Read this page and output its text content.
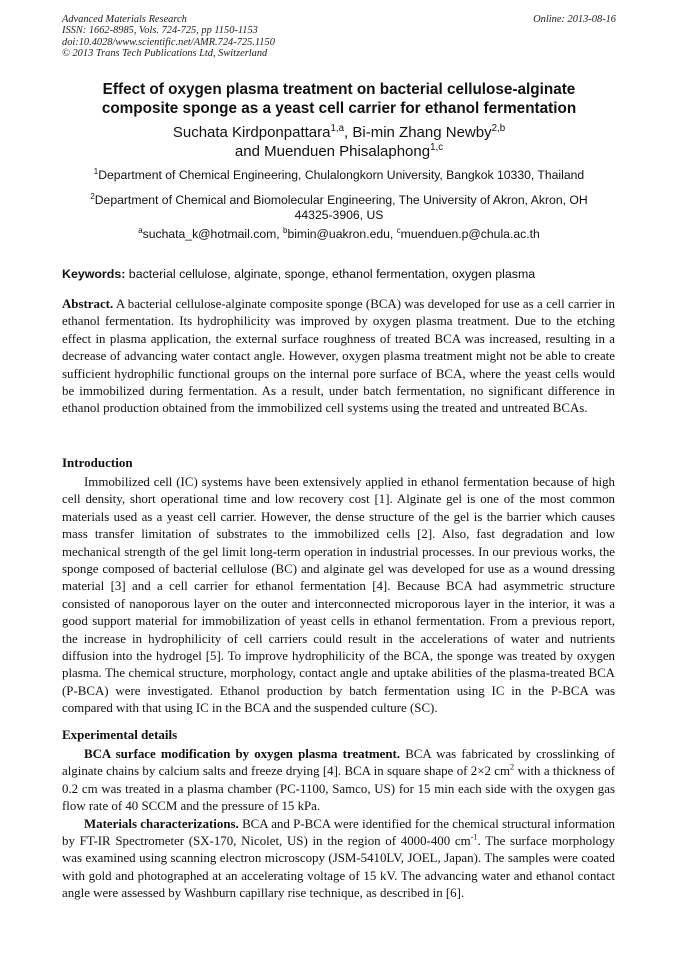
Advanced Materials Research
ISSN: 1662-8985, Vols. 724-725, pp 1150-1153
doi:10.4028/www.scientific.net/AMR.724-725.1150
© 2013 Trans Tech Publications Ltd, Switzerland
Online: 2013-08-16
Effect of oxygen plasma treatment on bacterial cellulose-alginate
composite sponge as a yeast cell carrier for ethanol fermentation
Suchata Kirdponpattara$^{1,a}$, Bi-min Zhang Newby$^{2,b}$
and Muenduen Phisalaphong$^{1,c}$
$^1$Department of Chemical Engineering, Chulalongkorn University, Bangkok 10330, Thailand
$^2$Department of Chemical and Biomolecular Engineering, The University of Akron, Akron, OH
44325-3906, US
$^a$suchata_k@hotmail.com, $^b$bimin@uakron.edu, $^c$muenduen.p@chula.ac.th
Keywords: bacterial cellulose, alginate, sponge, ethanol fermentation, oxygen plasma

Abstract. A bacterial cellulose-alginate composite sponge (BCA) was developed for use as a cell carrier in ethanol fermentation. Its hydrophilicity was improved by oxygen plasma treatment. Due to the etching effect in plasma application, the external surface roughness of treated BCA was increased, resulting in a decrease of advancing water contact angle. However, oxygen plasma treatment might not be able to create sufficient hydrophilic functional groups on the internal pore surface of BCA, where the yeast cells would be immobilized during fermentation. As a result, under batch fermentation, no significant difference in ethanol production obtained from the immobilized cell systems using the treated and untreated BCAs.

Introduction

Immobilized cell (IC) systems have been extensively applied in ethanol fermentation because of high cell density, short operational time and low recovery cost [1]. Alginate gel is one of the most common materials used as a yeast cell carrier. However, the dense structure of the gel is the barrier which causes mass transfer limitation of substrates to the immobilized cells [2]. Also, fast degradation and low mechanical strength of the gel limit long-term operation in industrial processes. In our previous works, the sponge composed of bacterial cellulose (BC) and alginate gel was developed for use as a wound dressing material [3] and a cell carrier for ethanol fermentation [4]. Because BCA had asymmetric structure consisted of nanoporous layer on the outer and interconnected microporous layer in the interior, it was a good support material for immobilization of yeast cells in ethanol fermentation. From a previous report, the increase in hydrophilicity of cell carriers could result in the accelerations of water and nutrients diffusion into the hydrogel [5]. To improve hydrophilicity of the BCA, the sponge was treated by oxygen plasma. The chemical structure, morphology, contact angle and uptake abilities of the plasma-treated BCA (P-BCA) were investigated. Ethanol production by batch fermentation using IC in the P-BCA was compared with that using IC in the BCA and the suspended culture (SC).

Experimental details

BCA surface modification by oxygen plasma treatment. BCA was fabricated by crosslinking of alginate chains by calcium salts and freeze drying [4]. BCA in square shape of 2×2 $cm^2$ with a thickness of 0.2 cm was treated in a plasma chamber (PC-1100, Samco, US) for 15 min each side with the oxygen gas flow rate of 40 SCCM and the pressure of 15 kPa.

Materials characterizations. BCA and P-BCA were identified for the chemical structural information by FT-IR Spectrometer (SX-170, Nicolet, US) in the region of 4000-400 $cm^{-1}$. The surface morphology was examined using scanning electron microscopy (JSM-5410LV, JOEL, Japan). The samples were coated with gold and photographed at an accelerating voltage of 15 kV. The advancing water and ethanol contact angle were assessed by Washburn capillary rise technique, as described in [6].
